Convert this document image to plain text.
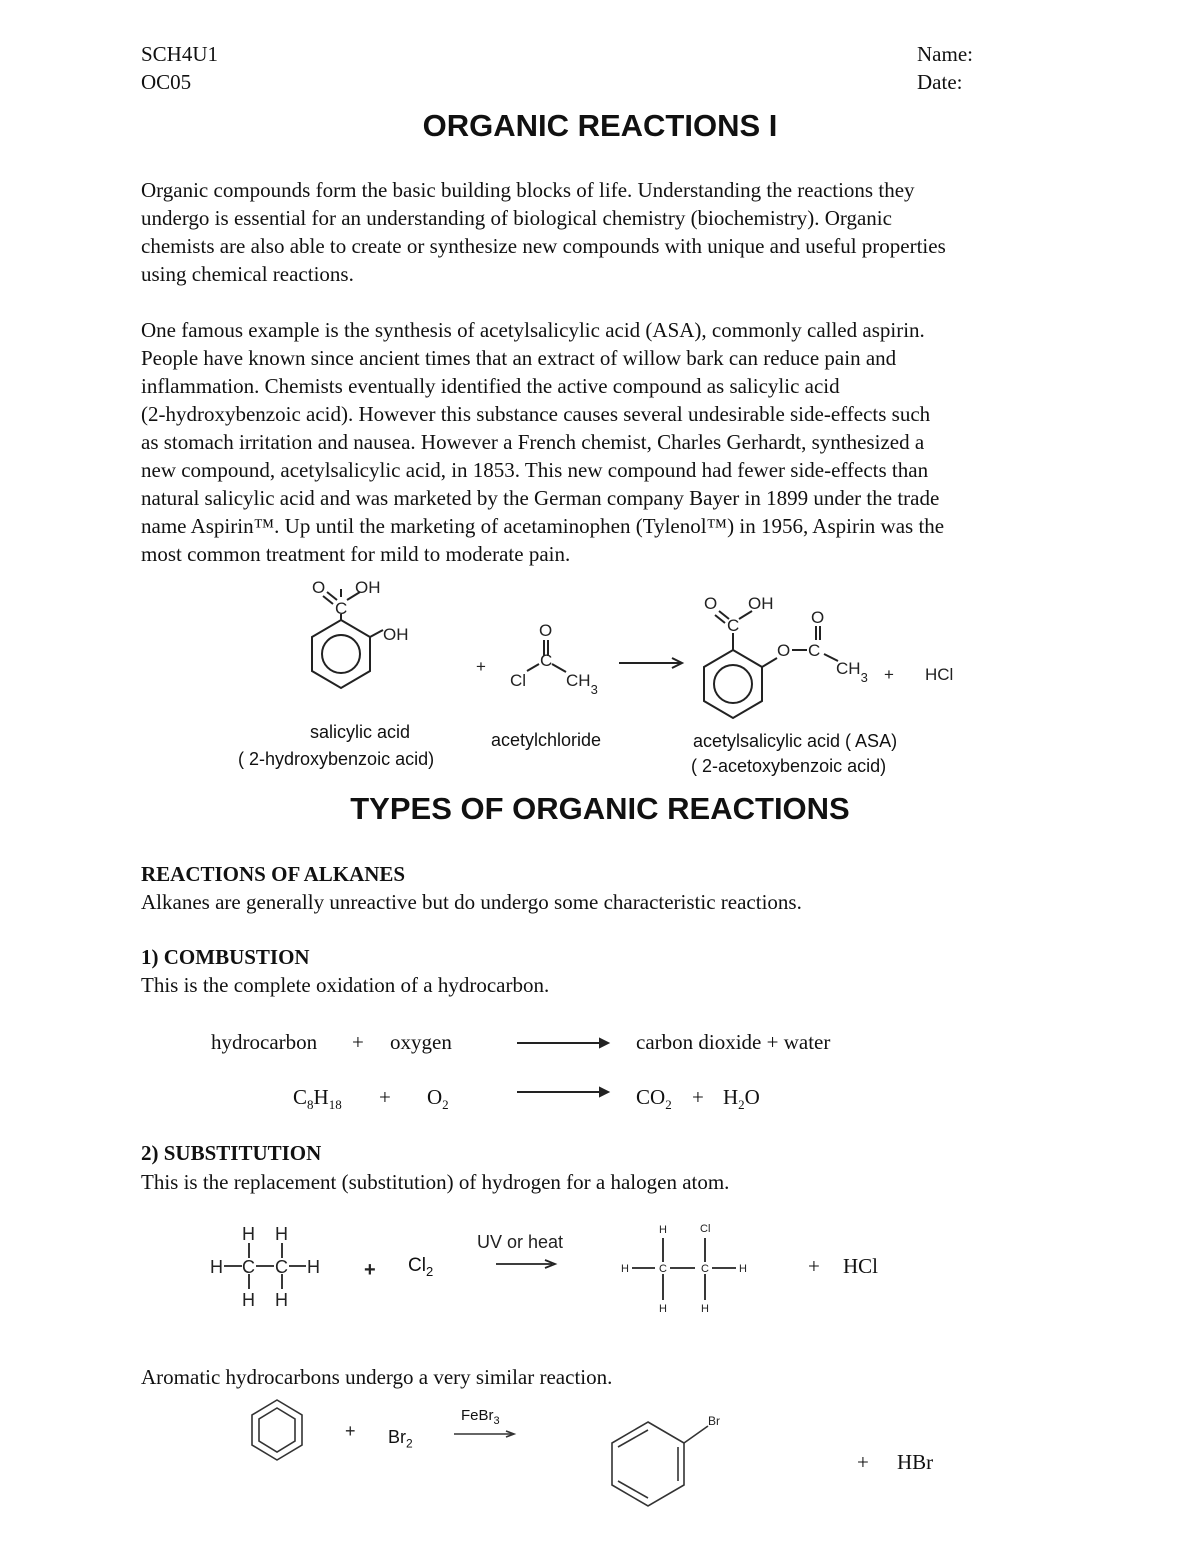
SCH4U1
OC05
Name:
Date:
ORGANIC REACTIONS I

Organic compounds form the basic building blocks of life. Understanding the reactions they

undergo is essential for an understanding of biological chemistry (biochemistry). Organic

chemists are also able to create or synthesize new compounds with unique and useful properties

using chemical reactions.

One famous example is the synthesis of acetylsalicylic acid (ASA), commonly called aspirin.

People have known since ancient times that an extract of willow bark can reduce pain and

inflammation. Chemists eventually identified the active compound as salicylic acid

(2-hydroxybenzoic acid). However this substance causes several undesirable side-effects such

as stomach irritation and nausea. However a French chemist, Charles Gerhardt, synthesized a

new compound, acetylsalicylic acid, in 1853. This new compound had fewer side-effects than

natural salicylic acid and was marketed by the German company Bayer in 1899 under the trade

name Aspirin™. Up until the marketing of acetaminophen (Tylenol™) in 1956, Aspirin was the

most common treatment for mild to moderate pain.

O OH
C
OH
+
O
C
Cl $CH_3$
O OH
C
O
O
C
$CH_3$ + HCl
salicylic acid
( 2-hydroxybenzoic acid)
acetylchloride	acetylsalicylic acid ( ASA)
( 2-acetoxybenzoic acid)
TYPES OF ORGANIC REACTIONS
REACTIONS OF ALKANES
Alkanes are generally unreactive but do undergo some characteristic reactions.
1) COMBUSTION
This is the complete oxidation of a hydrocarbon.
hydrocarbon + oxygen	carbon dioxide + water
$C_8H_{18} + O_2$	$CO_2 + H_2O$
2) SUBSTITUTION
This is the replacement (substitution) of hydrogen for a halogen atom.
H H
H C C H
H H
+
UV or heat
H	Cl
H	C	C	H
H	H
$Cl_2$	+ HCl
Aromatic hydrocarbons undergo a very similar reaction.
+	Br
FeBr$_3$
$Br_2$
+ HBr
